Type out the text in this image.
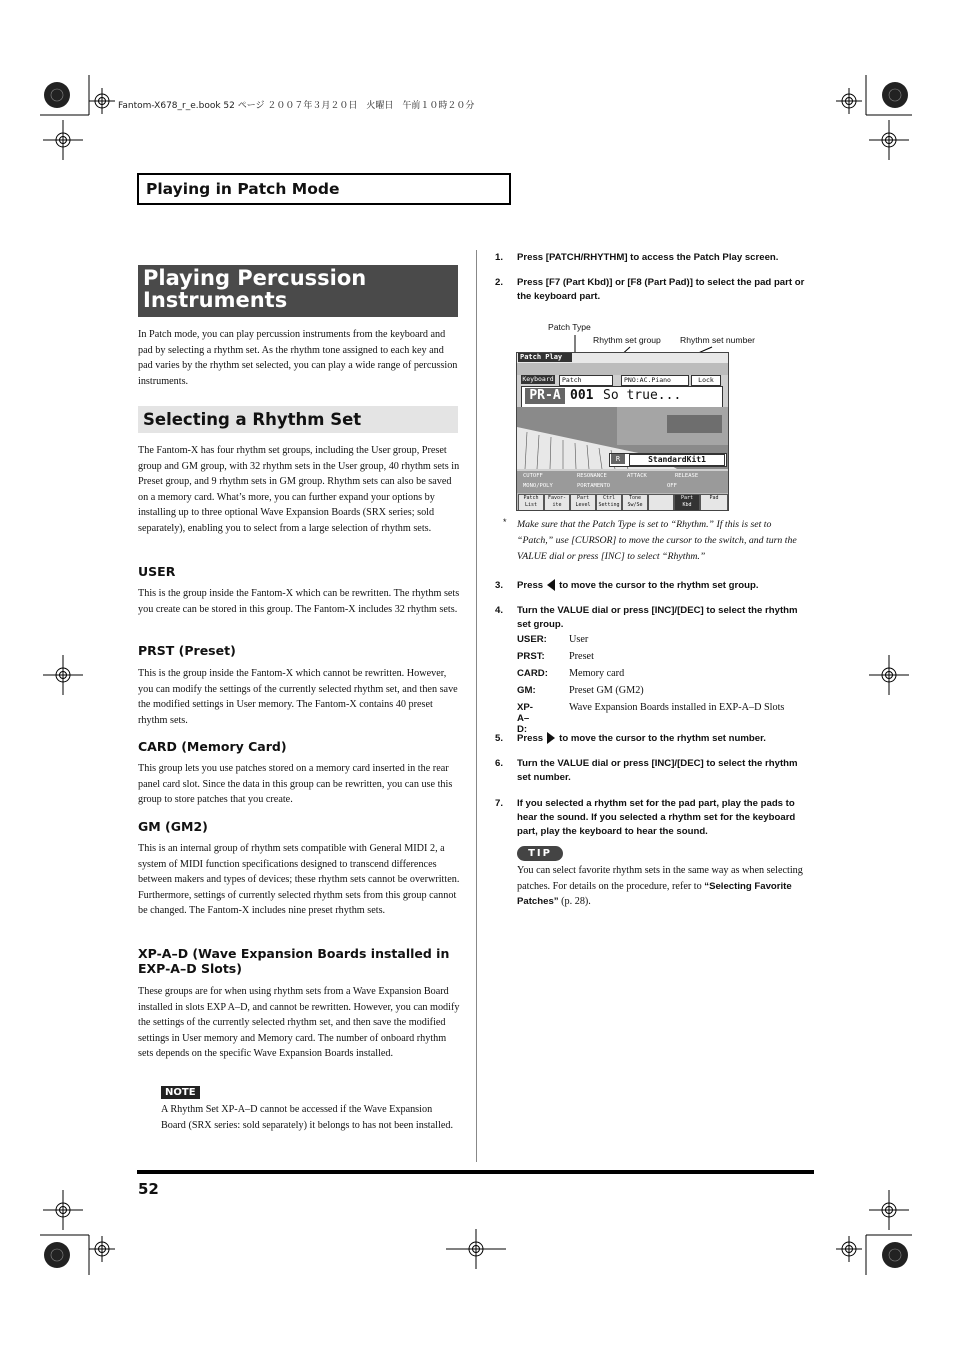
Fantom-X678_r_e.book 52 ページ ２００７年３月２０日　火曜日　午前１０時２０分
Playing in Patch Mode
Playing Percussion
Instruments
In Patch mode, you can play percussion instruments from the keyboard and pad by selecting a rhythm set. As the rhythm tone assigned to each key and pad varies by the rhythm set selected, you can play a wide range of percussion instruments.
Selecting a Rhythm Set
The Fantom-X has four rhythm set groups, including the User group, Preset group and GM group, with 32 rhythm sets in the User group, 40 rhythm sets in Preset group, and 9 rhythm sets in GM group. Rhythm sets can also be saved on a memory card. What’s more, you can further expand your options by installing up to three optional Wave Expansion Boards (SRX series; sold separately), enabling you to select from a large selection of rhythm sets.
USER
This is the group inside the Fantom-X which can be rewritten. The rhythm sets you create can be stored in this group. The Fantom-X includes 32 rhythm sets.
PRST (Preset)
This is the group inside the Fantom-X which cannot be rewritten. However, you can modify the settings of the currently selected rhythm set, and then save the modified settings in User memory. The Fantom-X contains 40 preset rhythm sets.
CARD (Memory Card)
This group lets you use patches stored on a memory card inserted in the rear panel card slot. Since the data in this group can be rewritten, you can use this group to store patches that you create.
GM (GM2)
This is an internal group of rhythm sets compatible with General MIDI 2, a system of MIDI function specifications designed to transcend differences between makers and types of devices; these rhythm sets cannot be overwritten. Furthermore, settings of currently selected rhythm sets from this group cannot be changed. The Fantom-X includes nine preset rhythm sets.
XP-A–D (Wave Expansion Boards installed in EXP-A–D Slots)
These groups are for when using rhythm sets from a Wave Expansion Board installed in slots EXP A–D, and cannot be rewritten. However, you can modify the settings of the currently selected rhythm set, and then save the modified settings in User memory and Memory card. The number of onboard rhythm sets depends on the specific Wave Expansion Boards installed.
NOTE
A Rhythm Set XP-A–D cannot be accessed if the Wave Expansion Board (SRX series: sold separately) it belongs to has not been installed.
1. Press [PATCH/RHYTHM] to access the Patch Play screen.
2. Press [F7 (Part Kbd)] or [F8 (Part Pad)] to select the pad part or the keyboard part.
Patch Type
Rhythm set group Rhythm set number
Patch Play
Keyboard	Patch	PNO:AC.Piano	Lock
PR-A 001 So true...
R	StandardKit1
CUTOFF	RESONANCE	ATTACK	RELEASE
MONO/POLY	PORTAMENTO	OFF
Patch List
Favor-ite
Part Level
Ctrl Setting
Tone Sw/Se
Part Kbd
Pad
* Make sure that the Patch Type is set to “Rhythm.” If this is set to “Patch,” use [CURSOR] to move the cursor to the switch, and turn the VALUE dial or press [INC] to select “Rhythm.”
3. Press to move the cursor to the rhythm set group.
4. Turn the VALUE dial or press [INC]/[DEC] to select the rhythm set group.
USER: User
PRST: Preset
CARD: Memory card
GM:	Preset GM (GM2)
XP-A–D:
Wave Expansion Boards installed in EXP-A–D Slots
5. Press to move the cursor to the rhythm set number.
6. Turn the VALUE dial or press [INC]/[DEC] to select the rhythm set number.
7. If you selected a rhythm set for the pad part, play the pads to hear the sound. If you selected a rhythm set for the keyboard part, play the keyboard to hear the sound.
TIP
You can select favorite rhythm sets in the same way as when selecting patches. For details on the procedure, refer to “Selecting Favorite Patches” (p. 28).
52
